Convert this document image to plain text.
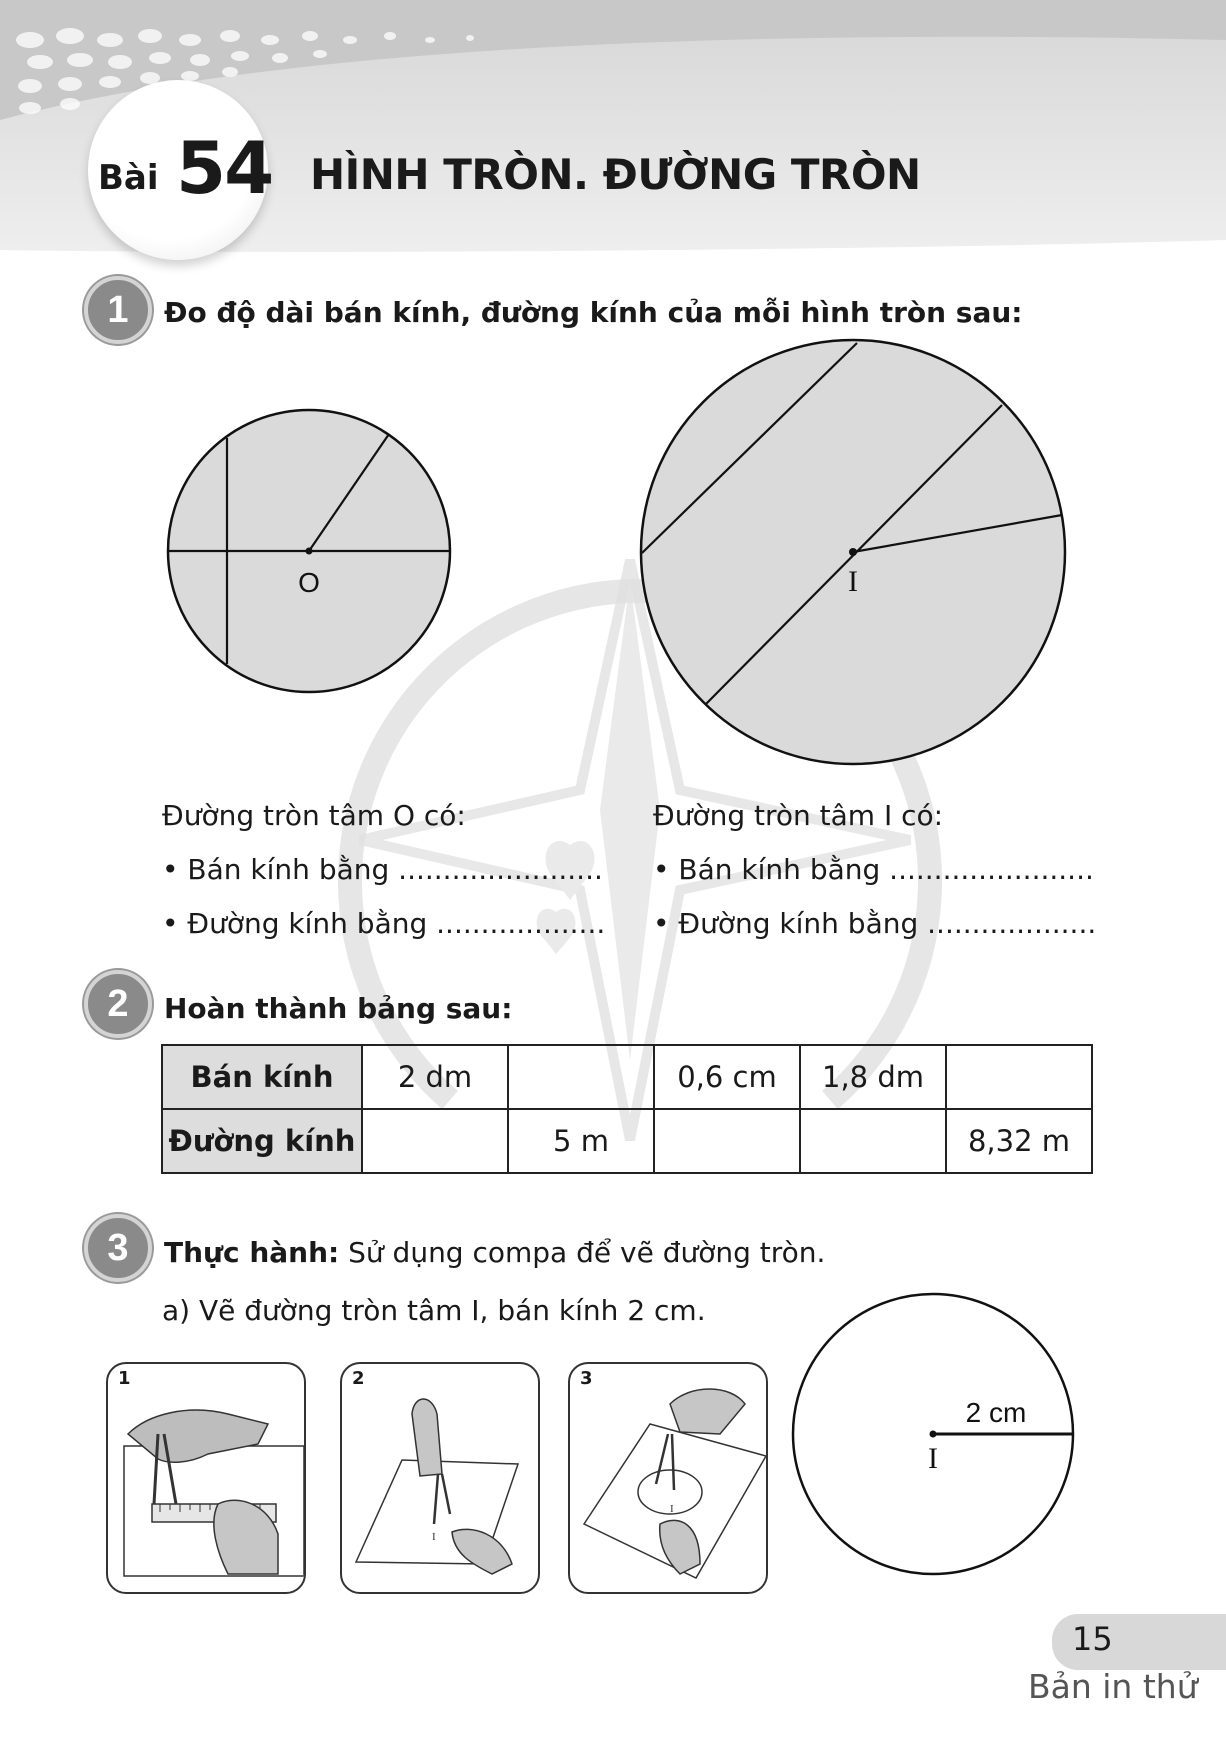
Bài 54 HÌNH TRÒN. ĐƯỜNG TRÒN
1 Đo độ dài bán kính, đường kính của mỗi hình tròn sau:
O	I
Đường tròn tâm O có:
• Bán kính bằng .......................
• Đường kính bằng ...................
Đường tròn tâm I có:
• Bán kính bằng .......................
• Đường kính bằng ...................
2 Hoàn thành bảng sau:
Bán kính	2 dm		0,6 cm	1,8 dm	
Đường kính		5 m			8,32 m
3 Thực hành: Sử dụng compa để vẽ đường tròn.
a) Vẽ đường tròn tâm I, bán kính 2 cm.
1	2
I
3
I
I
2 cm
15
Bản in thử
